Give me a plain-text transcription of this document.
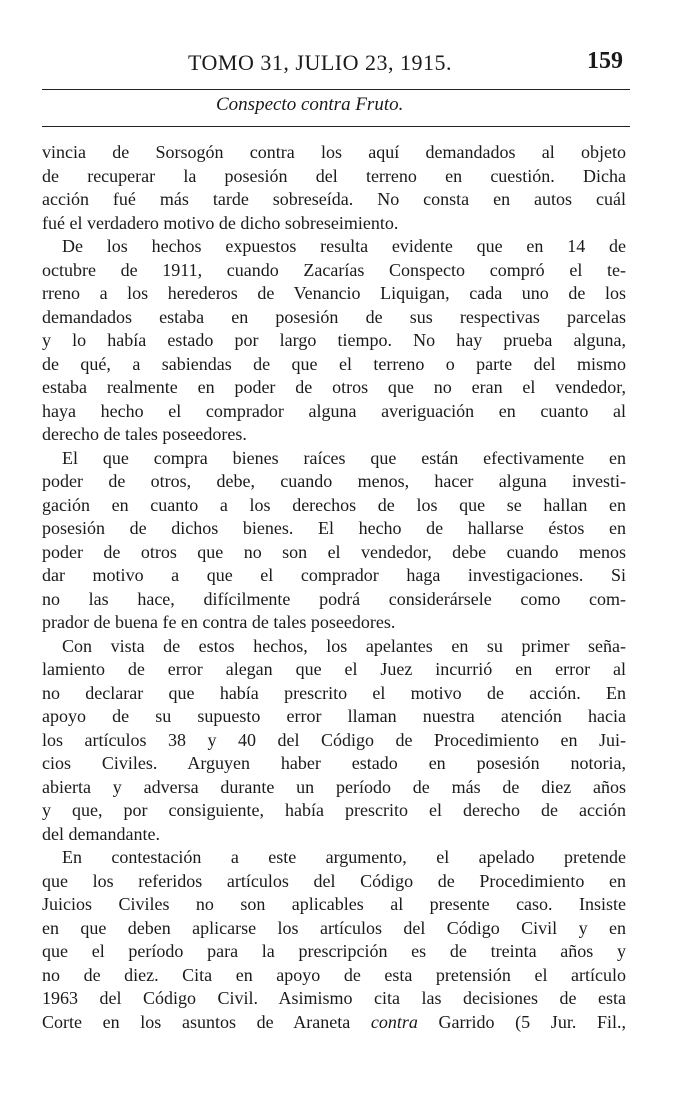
TOMO 31, JULIO 23, 1915.	159
Conspecto contra Fruto.
vincia de Sorsogón contra los aquí demandados al objeto
de recuperar la posesión del terreno en cuestión. Dicha
acción fué más tarde sobreseída. No consta en autos cuál
fué el verdadero motivo de dicho sobreseimiento.
De los hechos expuestos resulta evidente que en 14 de
octubre de 1911, cuando Zacarías Conspecto compró el te-
rreno a los herederos de Venancio Liquigan, cada uno de los
demandados estaba en posesión de sus respectivas parcelas
y lo había estado por largo tiempo. No hay prueba alguna,
de qué, a sabiendas de que el terreno o parte del mismo
estaba realmente en poder de otros que no eran el vendedor,
haya hecho el comprador alguna averiguación en cuanto al
derecho de tales poseedores.
El que compra bienes raíces que están efectivamente en
poder de otros, debe, cuando menos, hacer alguna investi-
gación en cuanto a los derechos de los que se hallan en
posesión de dichos bienes. El hecho de hallarse éstos en
poder de otros que no son el vendedor, debe cuando menos
dar motivo a que el comprador haga investigaciones. Si
no las hace, difícilmente podrá considerársele como com-
prador de buena fe en contra de tales poseedores.
Con vista de estos hechos, los apelantes en su primer seña-
lamiento de error alegan que el Juez incurrió en error al
no declarar que había prescrito el motivo de acción. En
apoyo de su supuesto error llaman nuestra atención hacia
los artículos 38 y 40 del Código de Procedimiento en Jui-
cios Civiles. Arguyen haber estado en posesión notoria,
abierta y adversa durante un período de más de diez años
y que, por consiguiente, había prescrito el derecho de acción
del demandante.
En contestación a este argumento, el apelado pretende
que los referidos artículos del Código de Procedimiento en
Juicios Civiles no son aplicables al presente caso. Insiste
en que deben aplicarse los artículos del Código Civil y en
que el período para la prescripción es de treinta años y
no de diez. Cita en apoyo de esta pretensión el artículo
1963 del Código Civil. Asimismo cita las decisiones de esta
Corte en los asuntos de Araneta contra Garrido (5 Jur. Fil.,
